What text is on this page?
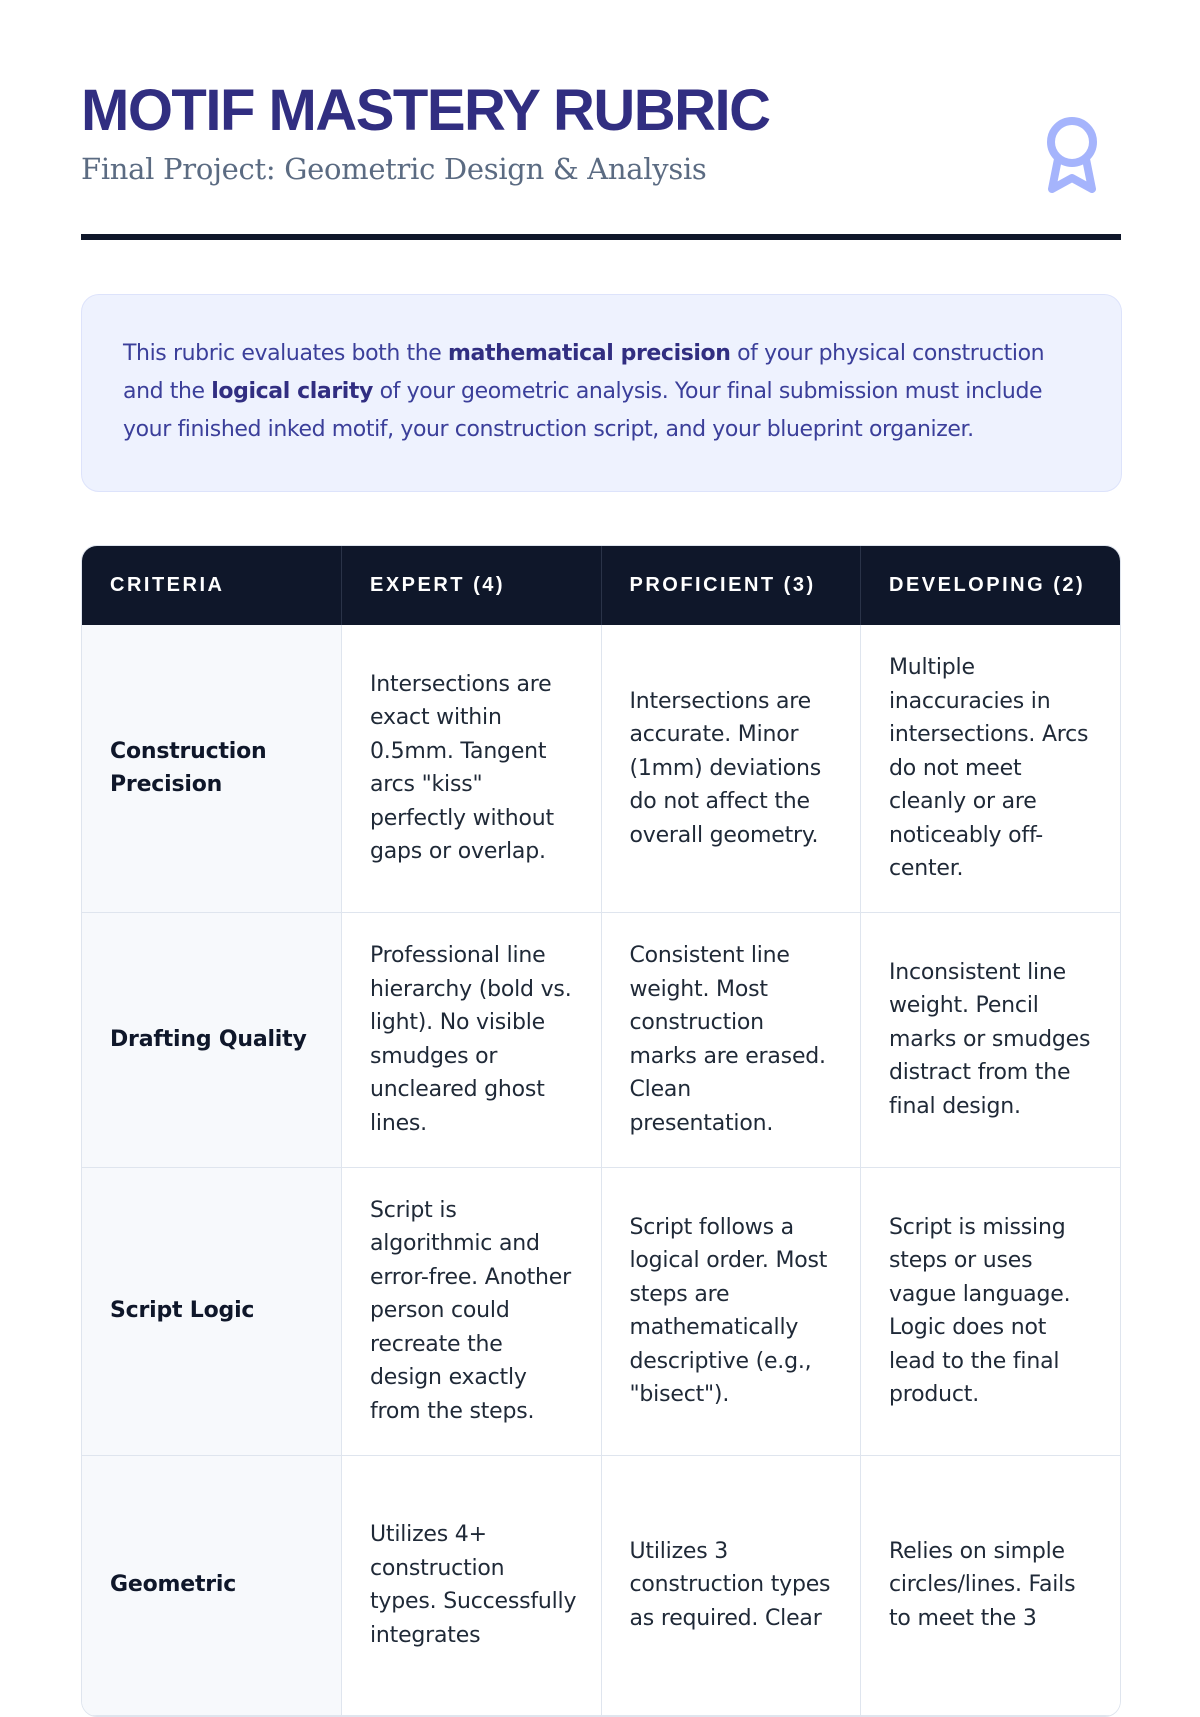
MOTIF MASTERY RUBRIC

Final Project: Geometric Design & Analysis

This rubric evaluates both the mathematical precision of your physical construction and the logical clarity of your geometric analysis. Your final submission must include your finished inked motif, your construction script, and your blueprint organizer.
CRITERIA	EXPERT (4)	PROFICIENT (3)	DEVELOPING (2)
Construction Precision	Intersections are exact within 0.5mm. Tangent arcs "kiss" perfectly without gaps or overlap.	Intersections are accurate. Minor (1mm) deviations do not affect the overall geometry.	Multiple inaccuracies in intersections. Arcs do not meet cleanly or are noticeably off-center.
Drafting Quality	Professional line hierarchy (bold vs. light). No visible smudges or uncleared ghost lines.	Consistent line weight. Most construction marks are erased. Clean presentation.	Inconsistent line weight. Pencil marks or smudges distract from the final design.
Script Logic	Script is algorithmic and error-free. Another person could recreate the design exactly from the steps.	Script follows a logical order. Most steps are mathematically descriptive (e.g., "bisect").	Script is missing steps or uses vague language. Logic does not lead to the final product.
Geometric	Utilizes 4+ construction types. Successfully integrates	Utilizes 3 construction types as required. Clear	Relies on simple circles/lines. Fails to meet the 3
